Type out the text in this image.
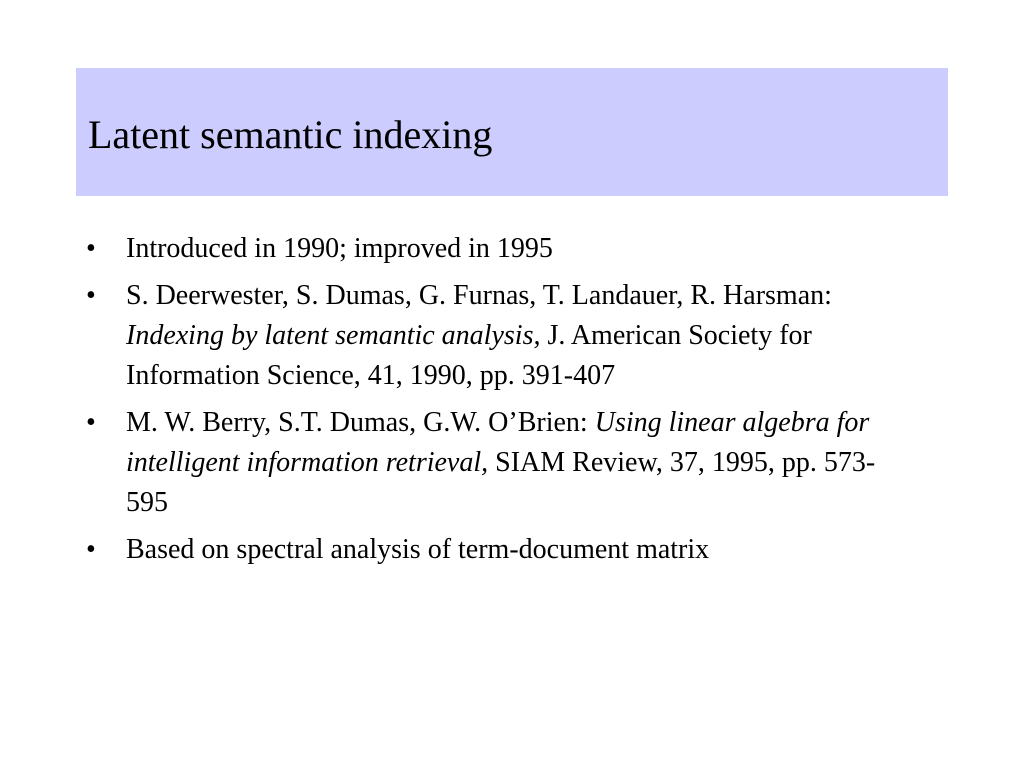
Latent semantic indexing
•	Introduced in 1990; improved in 1995
•	S. Deerwester, S. Dumas, G. Furnas, T. Landauer, R. Harsman: Indexing by latent semantic analysis, J. American Society for Information Science, 41, 1990, pp. 391-407
•	M. W. Berry, S.T. Dumas, G.W. O’Brien: Using linear algebra for intelligent information retrieval, SIAM Review, 37, 1995, pp. 573-595
•	Based on spectral analysis of term-document matrix
